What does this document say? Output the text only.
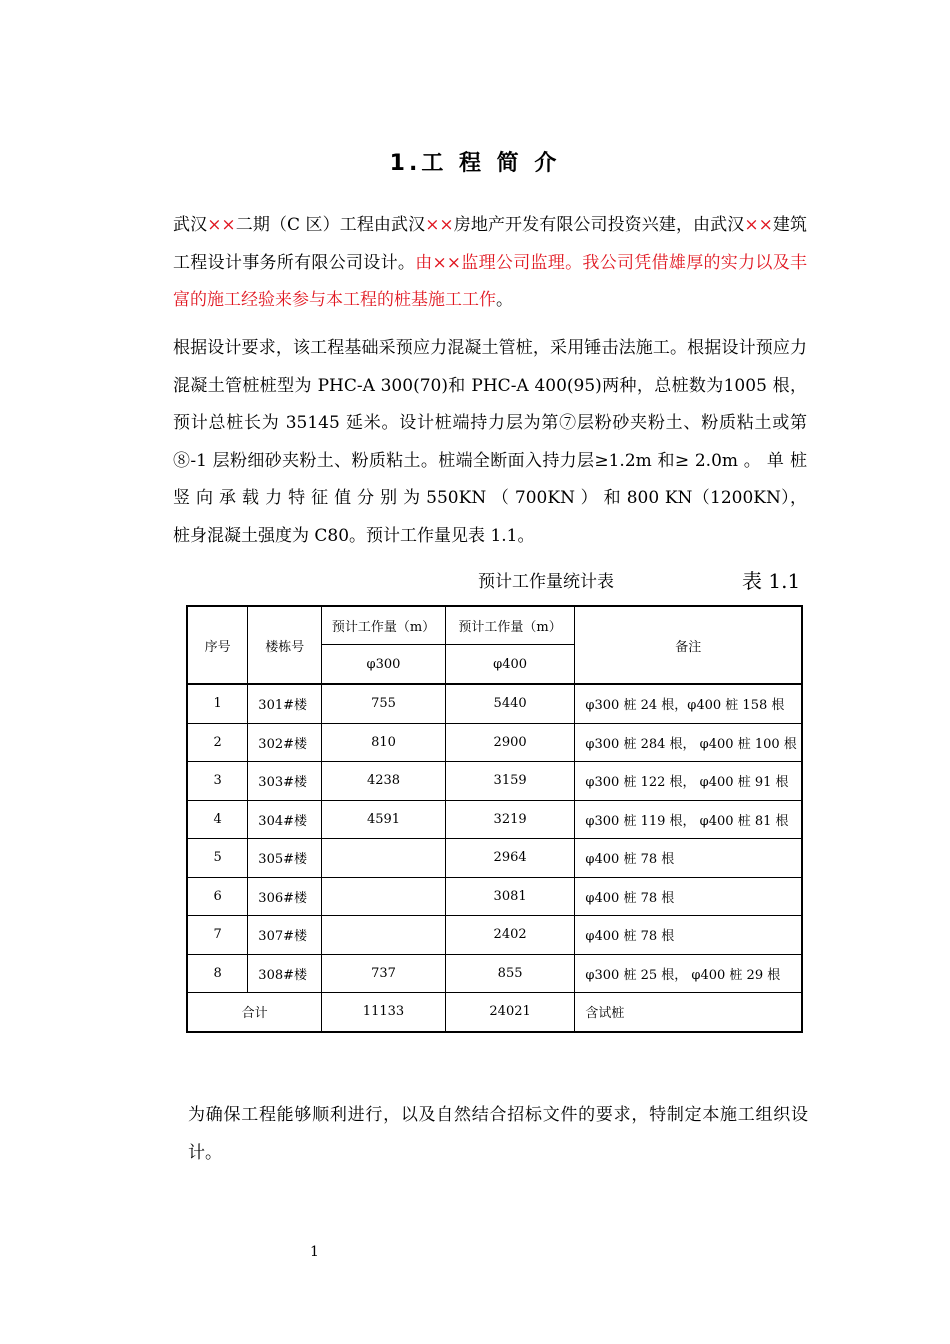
1.工 程 简 介
武汉××二期（C 区）工程由武汉××房地产开发有限公司投资兴建，由武汉××建筑工程设计事务所有限公司设计。由××监理公司监理。我公司凭借雄厚的实力以及丰富的施工经验来参与本工程的桩基施工工作。
根据设计要求，该工程基础采预应力混凝土管桩，采用锤击法施工。根据设计预应力混凝土管桩桩型为 PHC-A 300(70)和 PHC-A 400(95)两种，总桩数为1005 根，预计总桩长为 35145 延米。设计桩端持力层为第⑦层粉砂夹粉土、粉质粘土或第⑧-1 层粉细砂夹粉土、粉质粘土。桩端全断面入持力层≥1.2m 和≥ 2.0m 。 单 桩 竖 向 承 载 力 特 征 值 分 别 为 550KN （ 700KN ） 和 800 KN（1200KN），桩身混凝土强度为 C80。预计工作量见表 1.1。
预计工作量统计表	表 1.1
序号	楼栋号	预计工作量（m）	预计工作量（m）	备注
		φ300	φ400	
1	301#楼	755	5440	φ300 桩 24 根，φ400 桩 158 根
2	302#楼	810	2900	φ300 桩 284 根， φ400 桩 100 根
3	303#楼	4238	3159	φ300 桩 122 根， φ400 桩 91 根
4	304#楼	4591	3219	φ300 桩 119 根， φ400 桩 81 根
5	305#楼		2964	φ400 桩 78 根
6	306#楼		3081	φ400 桩 78 根
7	307#楼		2402	φ400 桩 78 根
8	308#楼	737	855	φ300 桩 25 根， φ400 桩 29 根
合计		11133	24021	含试桩
为确保工程能够顺利进行，以及自然结合招标文件的要求，特制定本施工组织设计。
1
